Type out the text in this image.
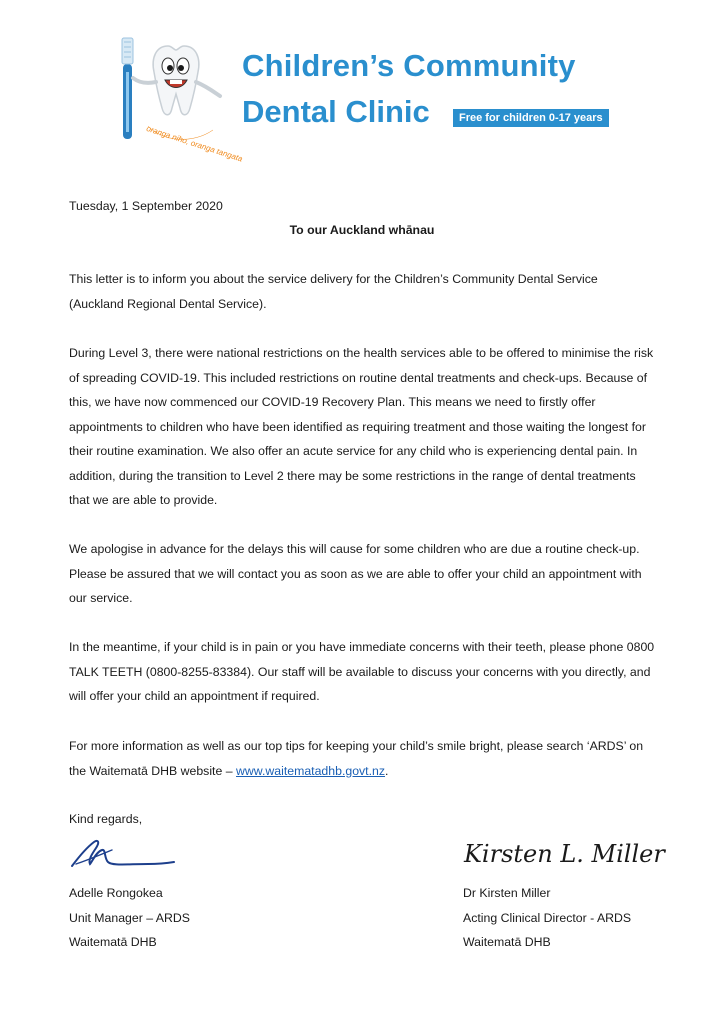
oranga niho, oranga tangata
Children’s Community
Dental Clinic	Free for children 0-17 years
Tuesday, 1 September 2020
To our Auckland whānau
This letter is to inform you about the service delivery for the Children’s Community Dental Service (Auckland Regional Dental Service).
During Level 3, there were national restrictions on the health services able to be offered to minimise the risk of spreading COVID-19. This included restrictions on routine dental treatments and check-ups. Because of this, we have now commenced our COVID-19 Recovery Plan. This means we need to firstly offer appointments to children who have been identified as requiring treatment and those waiting the longest for their routine examination. We also offer an acute service for any child who is experiencing dental pain. In addition, during the transition to Level 2 there may be some restrictions in the range of dental treatments that we are able to provide.
We apologise in advance for the delays this will cause for some children who are due a routine check-up. Please be assured that we will contact you as soon as we are able to offer your child an appointment with our service.
In the meantime, if your child is in pain or you have immediate concerns with their teeth, please phone 0800 TALK TEETH (0800-8255-83384). Our staff will be available to discuss your concerns with you directly, and will offer your child an appointment if required.
For more information as well as our top tips for keeping your child’s smile bright, please search ‘ARDS’ on the Waitematā DHB website – www.waitematadhb.govt.nz.
Kind regards,
Kirsten L. Miller
Adelle Rongokea
Unit Manager – ARDS
Waitematā DHB
Dr Kirsten Miller
Acting Clinical Director - ARDS
Waitematā DHB
